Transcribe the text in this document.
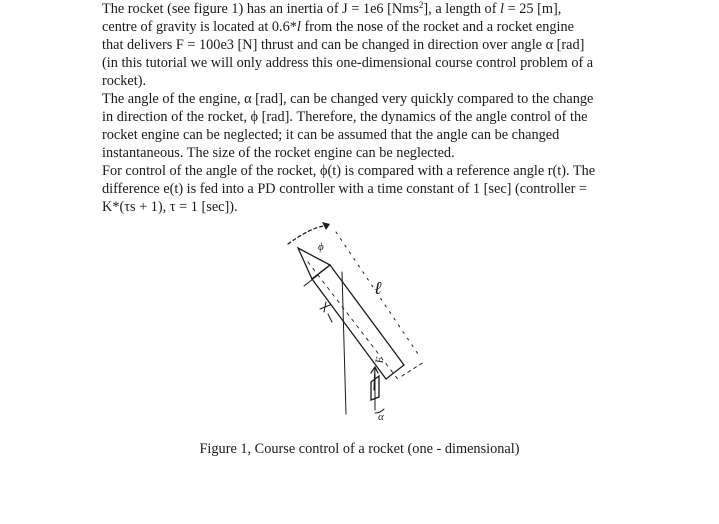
The rocket (see figure 1) has an inertia of J = 1e6 [Nms$^2$], a length of l = 25 [m],
centre of gravity is located at 0.6*l from the nose of the rocket and a rocket engine
that delivers F = 100e3 [N] thrust and can be changed in direction over angle α [rad]
(in this tutorial we will only address this one-dimensional course control problem of a
rocket).

The angle of the engine, α [rad], can be changed very quickly compared to the change
in direction of the rocket, ϕ [rad]. Therefore, the dynamics of the angle control of the
rocket engine can be neglected; it can be assumed that the angle can be changed
instantaneous. The size of the rocket engine can be neglected.

For control of the angle of the rocket, ϕ(t) is compared with a reference angle r(t). The
difference e(t) is fed into a PD controller with a time constant of 1 [sec] (controller =
K*(τs + 1), τ = 1 [sec]).

ϕ
ℓ
F
α
Figure 1, Course control of a rocket (one - dimensional)
